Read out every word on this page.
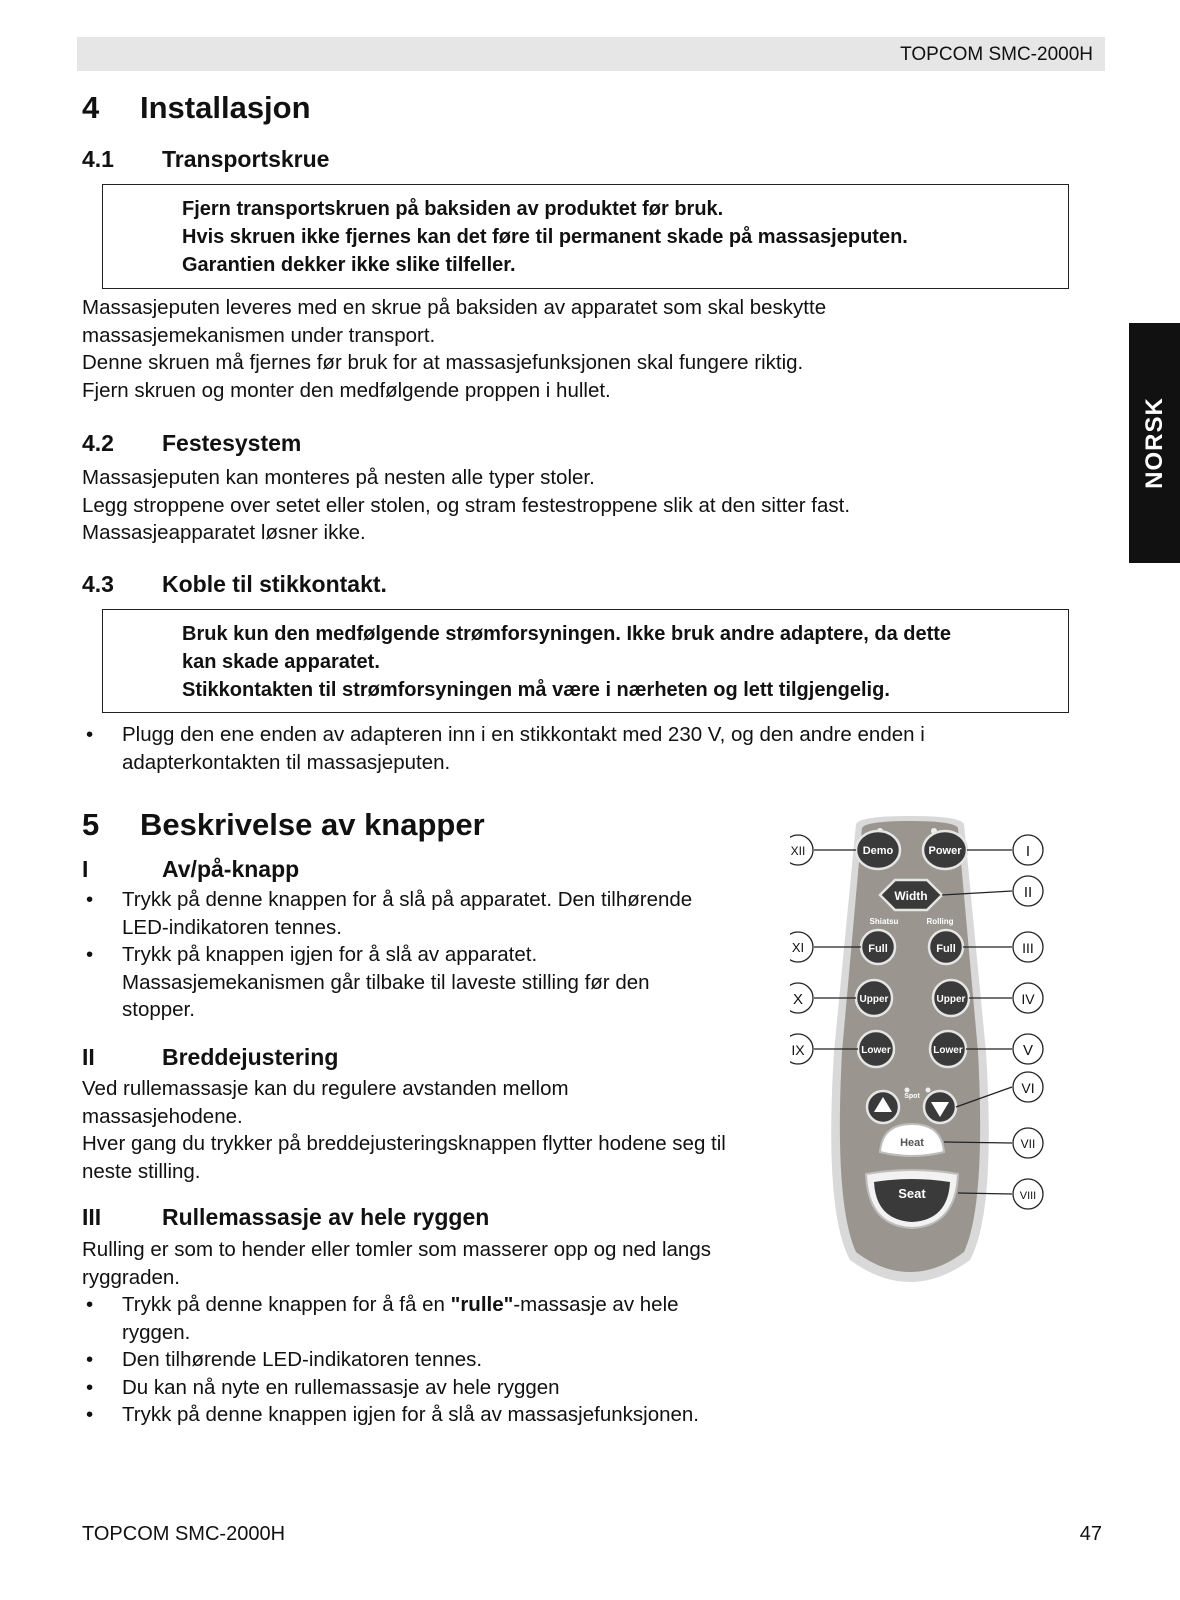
TOPCOM SMC-2000H
NORSK
4 Installasjon
4.1 Transportskrue
Fjern transportskruen på baksiden av produktet før bruk.
Hvis skruen ikke fjernes kan det føre til permanent skade på massasjeputen.
Garantien dekker ikke slike tilfeller.
Massasjeputen leveres med en skrue på baksiden av apparatet som skal beskytte
massasjemekanismen under transport.
Denne skruen må fjernes før bruk for at massasjefunksjonen skal fungere riktig.
Fjern skruen og monter den medfølgende proppen i hullet.
4.2 Festesystem
Massasjeputen kan monteres på nesten alle typer stoler.
Legg stroppene over setet eller stolen, og stram festestroppene slik at den sitter fast.
Massasjeapparatet løsner ikke.
4.3 Koble til stikkontakt.
Bruk kun den medfølgende strømforsyningen. Ikke bruk andre adaptere, da dette
kan skade apparatet.
Stikkontakten til strømforsyningen må være i nærheten og lett tilgjengelig.
• Plugg den ene enden av adapteren inn i en stikkontakt med 230 V, og den andre enden i
adapterkontakten til massasjeputen.
5 Beskrivelse av knapper
I	Av/på-knapp
• Trykk på denne knappen for å slå på apparatet. Den tilhørende
LED-indikatoren tennes.
• Trykk på knappen igjen for å slå av apparatet.
Massasjemekanismen går tilbake til laveste stilling før den
stopper.
II	Breddejustering
Ved rullemassasje kan du regulere avstanden mellom
massasjehodene.
Hver gang du trykker på breddejusteringsknappen flytter hodene seg til
neste stilling.
III	Rullemassasje av hele ryggen
Rulling er som to hender eller tomler som masserer opp og ned langs
ryggraden.
• Trykk på denne knappen for å få en "rulle"-massasje av hele
ryggen.
• Den tilhørende LED-indikatoren tennes.
• Du kan nå nyte en rullemassasje av hele ryggen
• Trykk på denne knappen igjen for å slå av massasjefunksjonen.
Demo	Power
Width
Shiatsu	Rolling
Full	Full
Upper	Upper
Lower	Lower
Spot
Heat
Seat
XII	I
II
XI	III
X	IV
IX	V
VI
VII
VIII
TOPCOM SMC-2000H	47
